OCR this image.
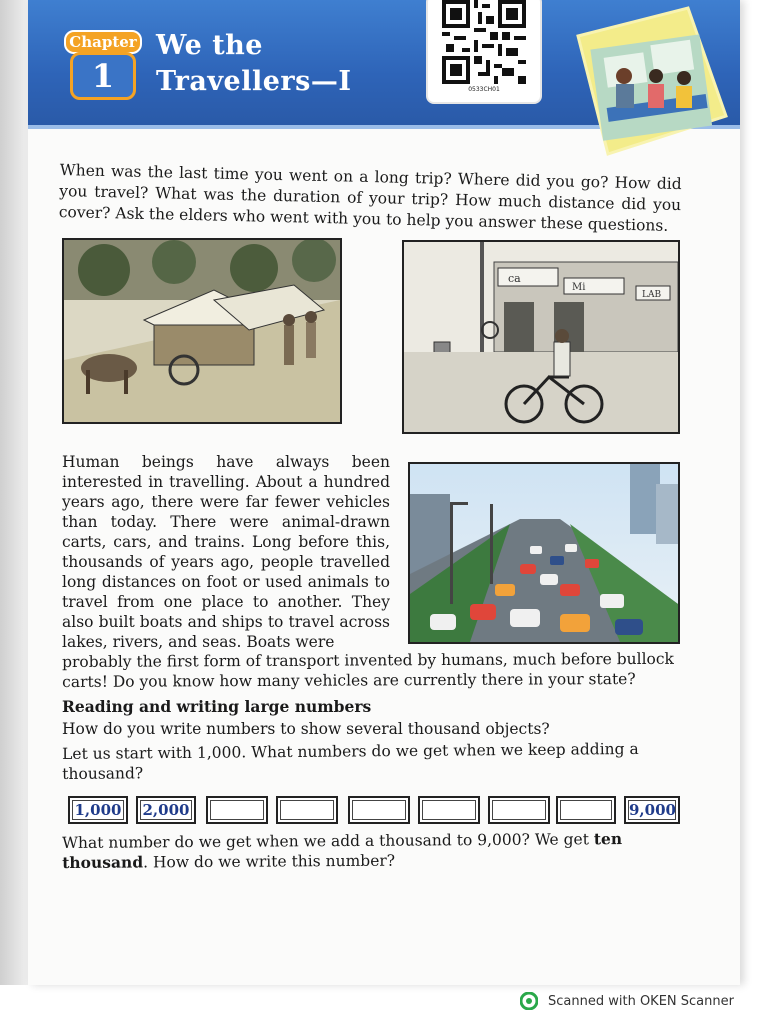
Chapter
1
We the
Travellers—I	0533CH01
When was the last time you went on a long trip? Where did you go? How did you travel? What was the duration of your trip? How much distance did you cover? Ask the elders who went with you to help you answer these questions.
ca
Mi
LAB
Human beings have always been interested in travelling. About a hundred years ago, there were far fewer vehicles than today. There were animal-drawn carts, cars, and trains. Long before this, thousands of years ago, people travelled long distances on foot or used animals to travel from one place to another. They also built boats and ships to travel across lakes, rivers, and seas. Boats were
probably the first form of transport invented by humans, much before bullock carts! Do you know how many vehicles are currently there in your state?
Reading and writing large numbers
How do you write numbers to show several thousand objects?
Let us start with 1,000. What numbers do we get when we keep adding a thousand?
1,000 2,000	9,000
What number do we get when we add a thousand to 9,000? We get ten thousand. How do we write this number?
Scanned with OKEN Scanner
